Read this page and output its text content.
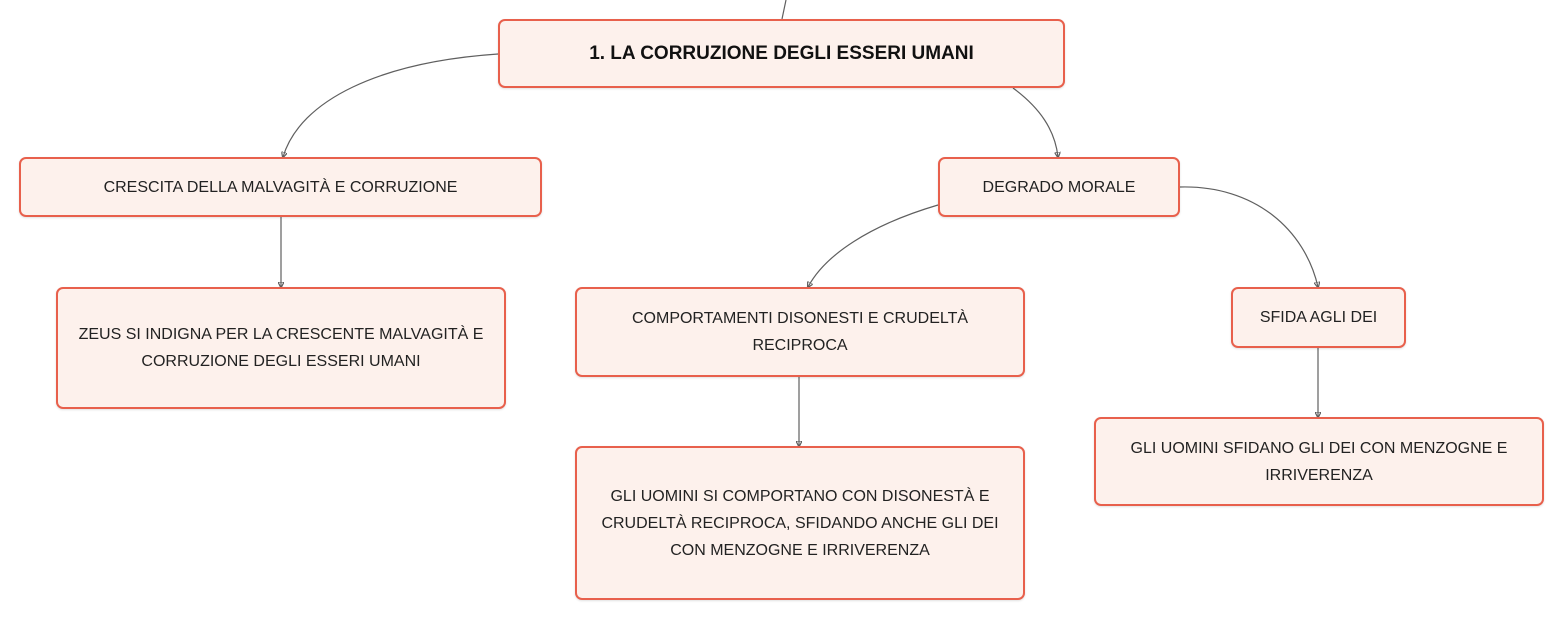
1. LA CORRUZIONE DEGLI ESSERI UMANI
CRESCITA DELLA MALVAGITÀ E CORRUZIONE	DEGRADO MORALE
ZEUS SI INDIGNA PER LA CRESCENTE MALVAGITÀ E CORRUZIONE DEGLI ESSERI UMANI
COMPORTAMENTI DISONESTI E CRUDELTÀ RECIPROCA
SFIDA AGLI DEI
GLI UOMINI SI COMPORTANO CON DISONESTÀ E CRUDELTÀ RECIPROCA, SFIDANDO ANCHE GLI DEI CON MENZOGNE E IRRIVERENZA
GLI UOMINI SFIDANO GLI DEI CON MENZOGNE E IRRIVERENZA
